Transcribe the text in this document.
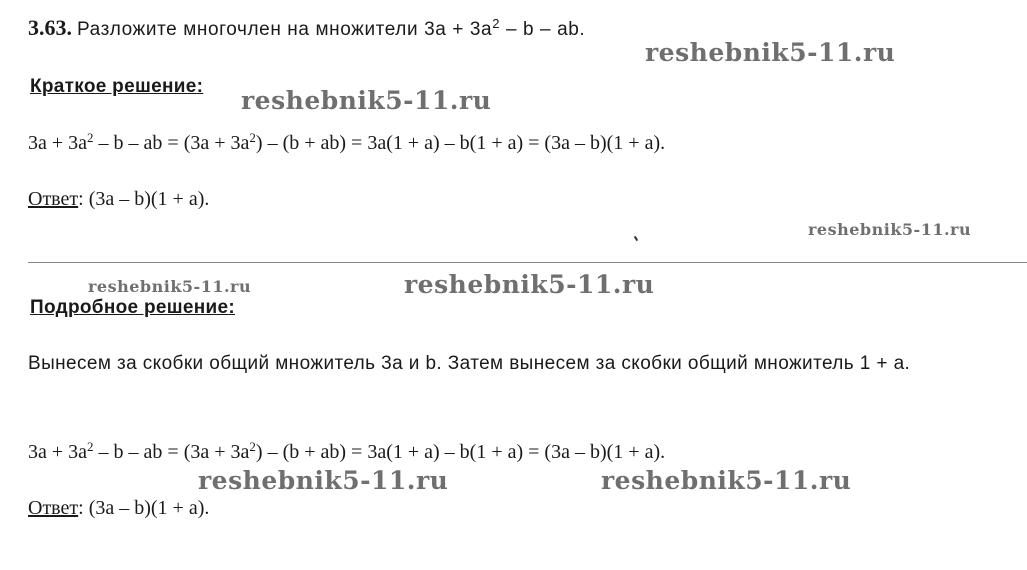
3.63. Разложите многочлен на множители $3a + 3a^2 - b$ – ab.
Краткое решение:
$3a + 3a^2 - b$ – ab = $(3a + 3a^2) - (b + ab) = 3a(1 + a) - b(1 + a) = (3a - b)(1 + a)$.
Ответ: (3a – b)(1 + a).
Подробное решение:
Вынесем за скобки общий множитель 3a и b. Затем вынесем за скобки общий множитель 1 + a.
$3a + 3a^2 - b$ – ab = $(3a + 3a^2) - (b + ab) = 3a(1 + a) - b(1 + a) = (3a - b)(1 + a)$.
Ответ: (3a – b)(1 + a).
reshebnik5-11.ru
reshebnik5-11.ru
reshebnik5-11.ru
reshebnik5-11.ru	reshebnik5-11.ru
reshebnik5-11.ru	reshebnik5-11.ru
